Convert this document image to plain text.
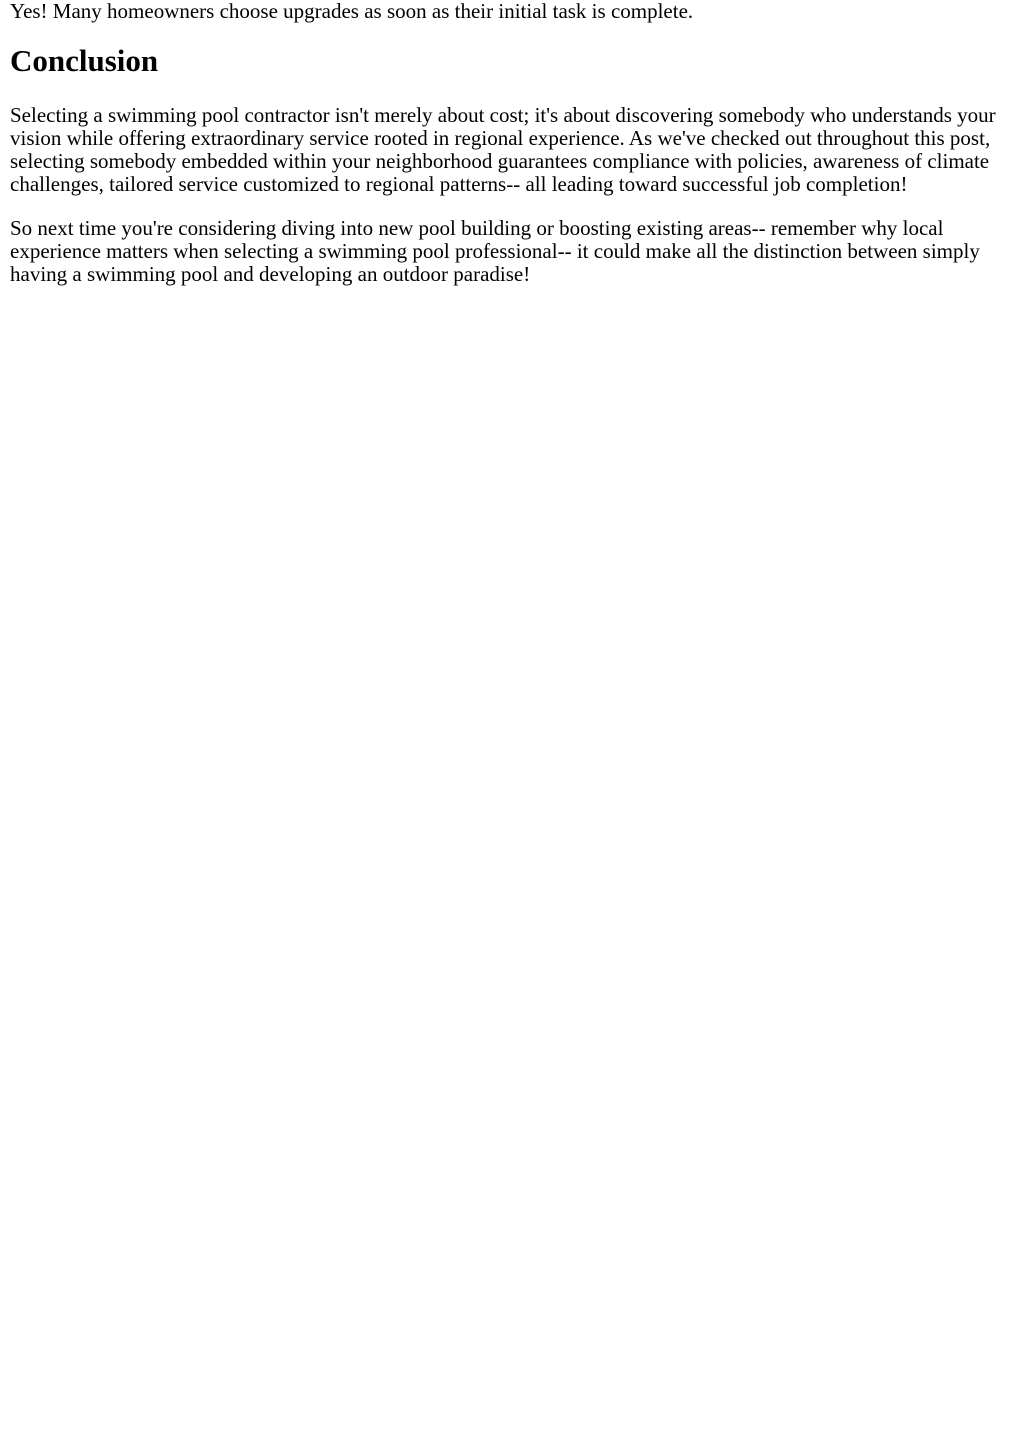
Yes! Many homeowners choose upgrades as soon as their initial task is complete.

Conclusion

Selecting a swimming pool contractor isn't merely about cost; it's about discovering somebody who understands your vision while offering extraordinary service rooted in regional experience. As we've checked out throughout this post, selecting somebody embedded within your neighborhood guarantees compliance with policies, awareness of climate challenges, tailored service customized to regional patterns-- all leading toward successful job completion!

So next time you're considering diving into new pool building or boosting existing areas-- remember why local experience matters when selecting a swimming pool professional-- it could make all the distinction between simply having a swimming pool and developing an outdoor paradise!
